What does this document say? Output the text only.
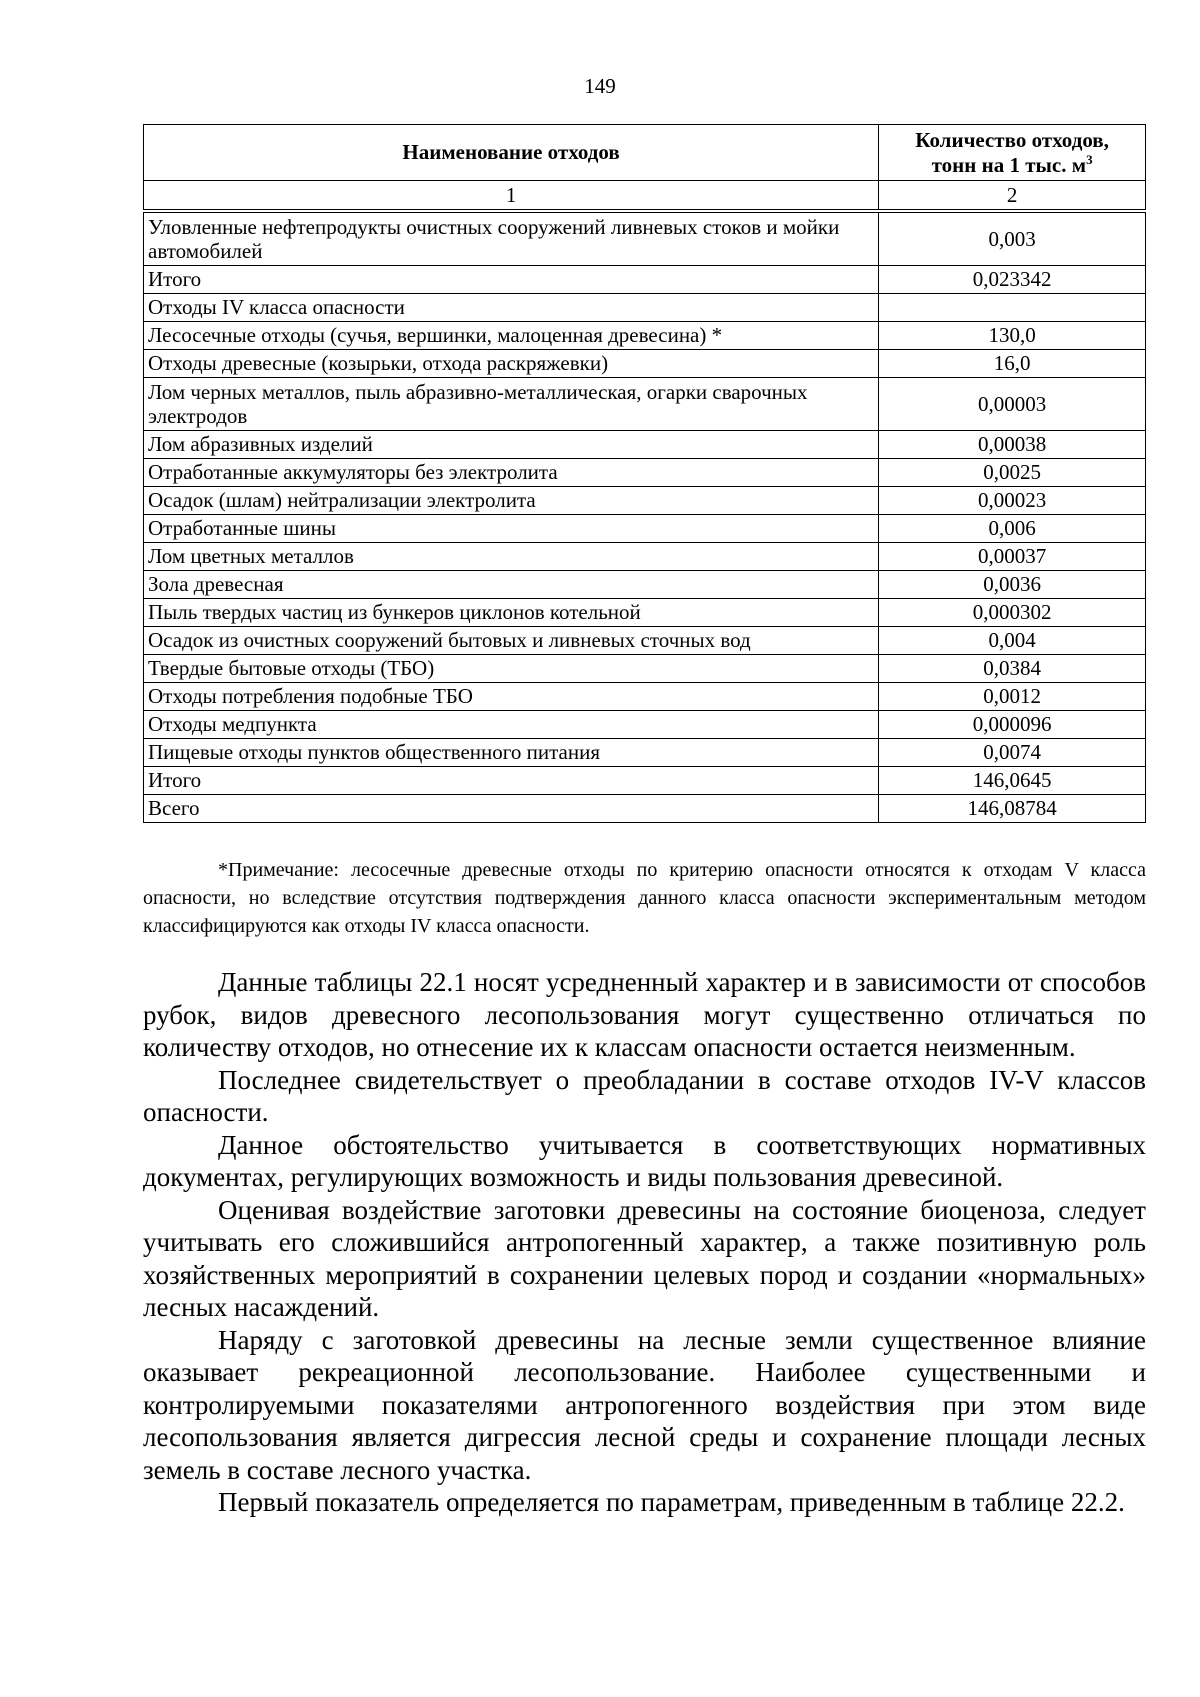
149
Наименование отходов	Количество отходов,
тонн на 1 тыс. $м^3$
1	2
Уловленные нефтепродукты очистных сооружений ливневых стоков и мойки автомобилей	0,003
Итого	0,023342
Отходы IV класса опасности	
Лесосечные отходы (сучья, вершинки, малоценная древесина) *	130,0
Отходы древесные (козырьки, отхода раскряжевки)	16,0
Лом черных металлов, пыль абразивно-металлическая, огарки сварочных электродов	0,00003
Лом абразивных изделий	0,00038
Отработанные аккумуляторы без электролита	0,0025
Осадок (шлам) нейтрализации электролита	0,00023
Отработанные шины	0,006
Лом цветных металлов	0,00037
Зола древесная	0,0036
Пыль твердых частиц из бункеров циклонов котельной	0,000302
Осадок из очистных сооружений бытовых и ливневых сточных вод	0,004
Твердые бытовые отходы (ТБО)	0,0384
Отходы потребления подобные ТБО	0,0012
Отходы медпункта	0,000096
Пищевые отходы пунктов общественного питания	0,0074
Итого	146,0645
Всего	146,08784

*Примечание: лесосечные древесные отходы по критерию опасности относятся к отходам V класса опасности, но вследствие отсутствия подтверждения данного класса опасности экспериментальным методом классифицируются как отходы IV класса опасности.

Данные таблицы 22.1 носят усредненный характер и в зависимости от способов рубок, видов древесного лесопользования могут существенно отличаться по количеству отходов, но отнесение их к классам опасности остается неизменным.

Последнее свидетельствует о преобладании в составе отходов IV-V классов опасности.

Данное обстоятельство учитывается в соответствующих нормативных документах, регулирующих возможность и виды пользования древесиной.

Оценивая воздействие заготовки древесины на состояние биоценоза, следует учитывать его сложившийся антропогенный характер, а также позитивную роль хозяйственных мероприятий в сохранении целевых пород и создании «нормальных» лесных насаждений.

Наряду с заготовкой древесины на лесные земли существенное влияние оказывает рекреационной лесопользование. Наиболее существенными и контролируемыми показателями антропогенного воздействия при этом виде лесопользования является дигрессия лесной среды и сохранение площади лесных земель в составе лесного участка.

Первый показатель определяется по параметрам, приведенным в таблице 22.2.
